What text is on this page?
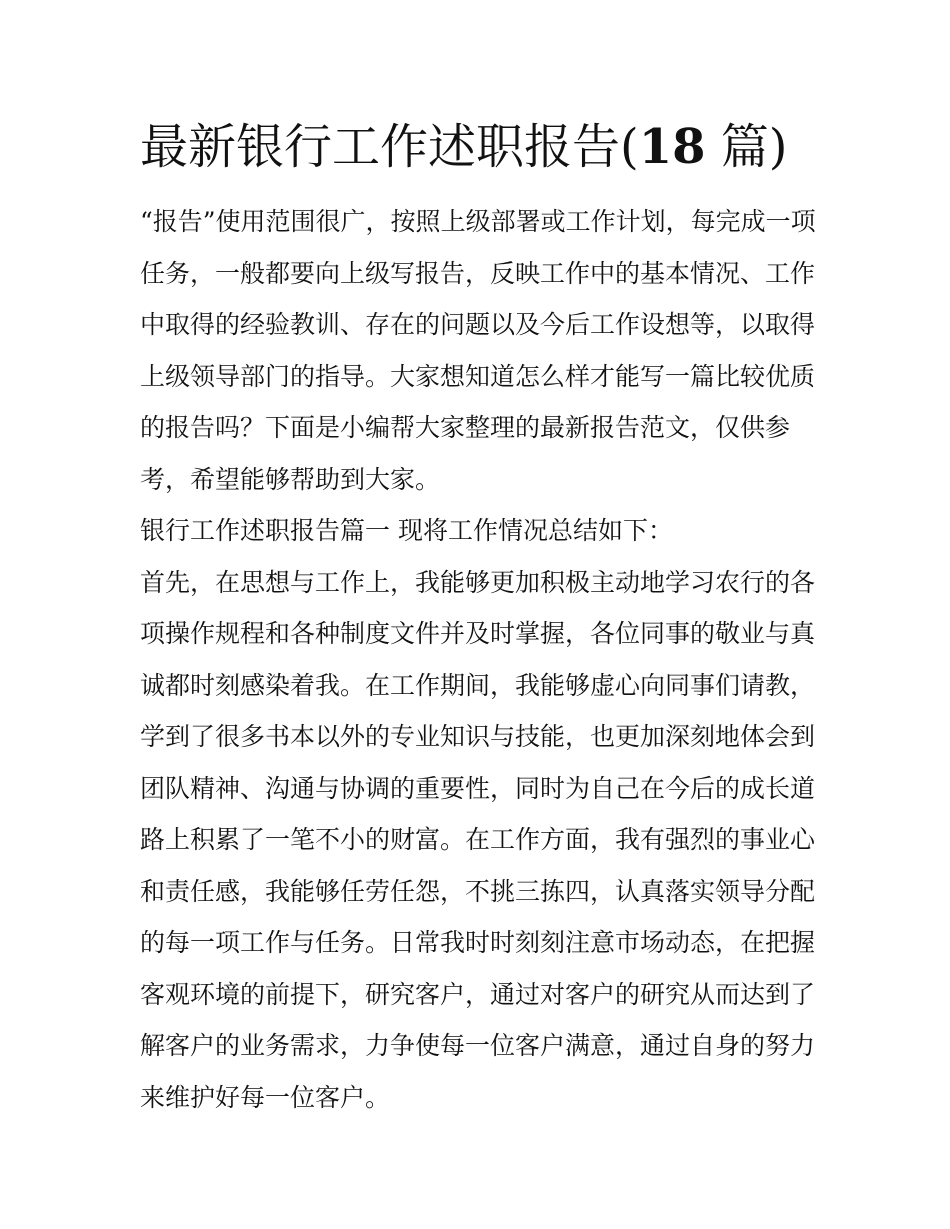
最新银行工作述职报告(18 篇)
“报告”使用范围很广，按照上级部署或工作计划，每完成一项
任务，一般都要向上级写报告，反映工作中的基本情况、工作
中取得的经验教训、存在的问题以及今后工作设想等，以取得
上级领导部门的指导。大家想知道怎么样才能写一篇比较优质
的报告吗？下面是小编帮大家整理的最新报告范文，仅供参
考，希望能够帮助到大家。
银行工作述职报告篇一 现将工作情况总结如下：
首先，在思想与工作上，我能够更加积极主动地学习农行的各
项操作规程和各种制度文件并及时掌握，各位同事的敬业与真
诚都时刻感染着我。在工作期间，我能够虚心向同事们请教，
学到了很多书本以外的专业知识与技能，也更加深刻地体会到
团队精神、沟通与协调的重要性，同时为自己在今后的成长道
路上积累了一笔不小的财富。在工作方面，我有强烈的事业心
和责任感，我能够任劳任怨，不挑三拣四，认真落实领导分配
的每一项工作与任务。日常我时时刻刻注意市场动态，在把握
客观环境的前提下，研究客户，通过对客户的研究从而达到了
解客户的业务需求，力争使每一位客户满意，通过自身的努力
来维护好每一位客户。
